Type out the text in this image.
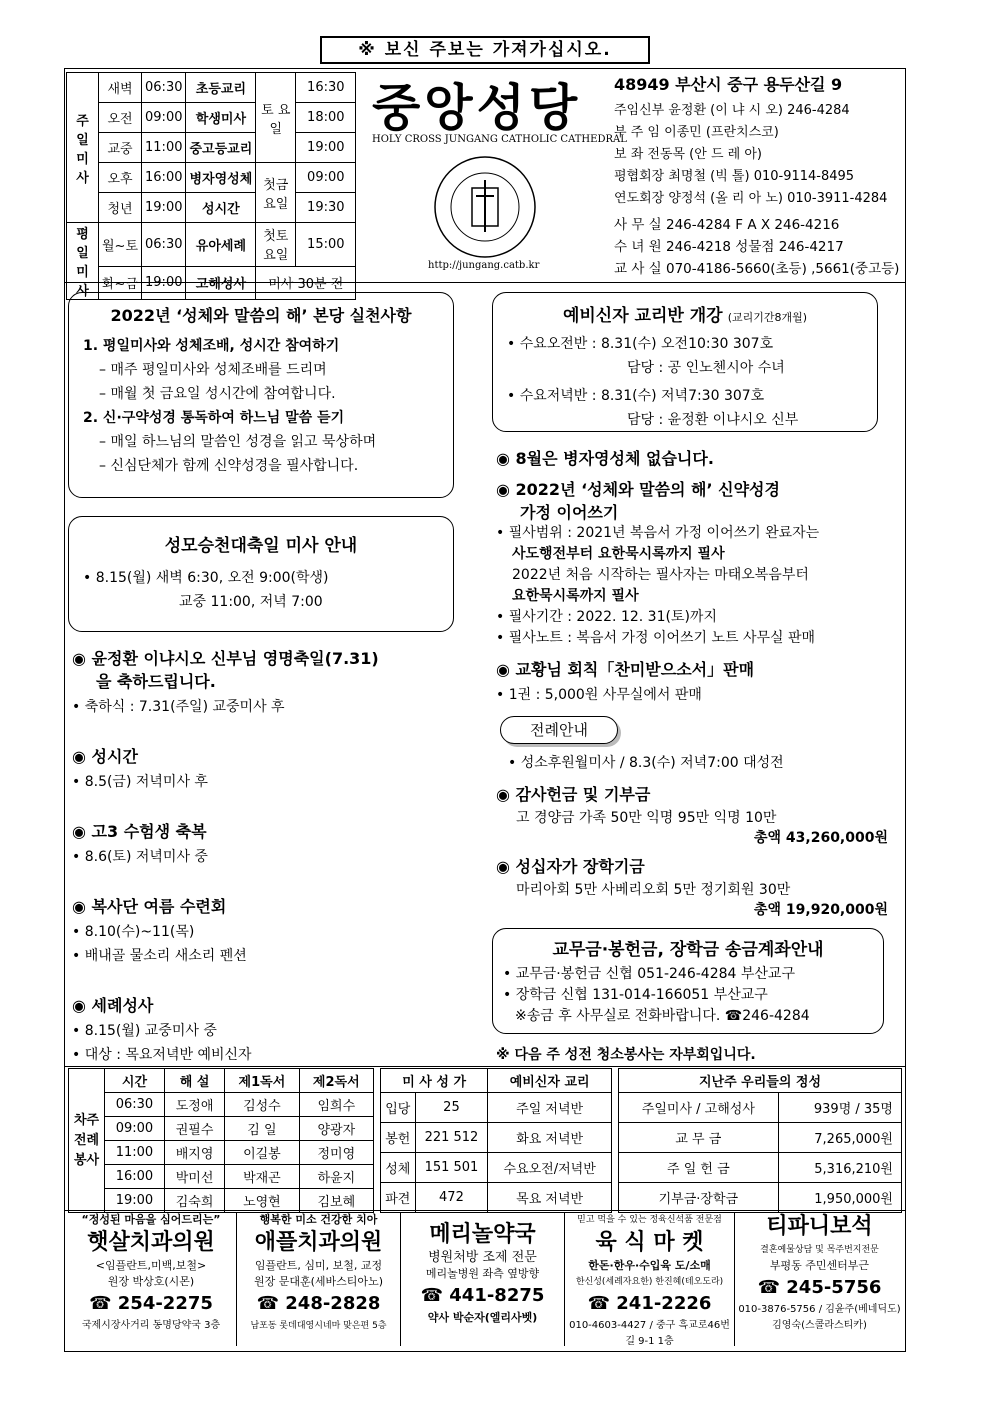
※ 보신 주보는 가져가십시오.
주일 미사	새벽	06:30	초등교리	토 요 일	16:30
	오전	09:00	학생미사		18:00
	교중	11:00	중고등교리		19:00
	오후	16:00	병자영성체	첫금요일	09:00
	청년	19:00	성시간		19:30
평일 미사	월~토	06:30	유아세례	첫토요일	15:00
	화~금	19:00	고해성사	미사 30분 전	
중앙성당
HOLY CROSS JUNGANG CATHOLIC CATHEDRAL
http://jungang.catb.kr
48949 부산시 중구 용두산길 9
주임신부 윤정환 (이 냐 시 오) 246-4284
부 주 임 이종민 (프란치스코)
보 좌 전동목 (안 드 레 아)
평협회장 최명철 (빅 톨) 010-9114-8495
연도회장 양정석 (올 리 아 노) 010-3911-4284
사 무 실 246-4284 F A X 246-4216
수 녀 원 246-4218 성물점 246-4217
교 사 실 070-4186-5660(초등) ,5661(중고등)
2022년 ‘성체와 말씀의 해’ 본당 실천사항
1. 평일미사와 성체조배, 성시간 참여하기
– 매주 평일미사와 성체조배를 드리며
– 매월 첫 금요일 성시간에 참여합니다.
2. 신·구약성경 통독하여 하느님 말씀 듣기
– 매일 하느님의 말씀인 성경을 읽고 묵상하며
– 신심단체가 함께 신약성경을 필사합니다.
성모승천대축일 미사 안내
• 8.15(월) 새벽 6:30, 오전 9:00(학생)
교중 11:00, 저녁 7:00
◉ 윤정환 이냐시오 신부님 영명축일(7.31)
을 축하드립니다.
• 축하식 : 7.31(주일) 교중미사 후
◉ 성시간
• 8.5(금) 저녁미사 후
◉ 고3 수험생 축복
• 8.6(토) 저녁미사 중
◉ 복사단 여름 수련회
• 8.10(수)~11(목)
• 배내골 물소리 새소리 펜션
◉ 세례성사
• 8.15(월) 교중미사 중
• 대상 : 목요저녁반 예비신자
예비신자 교리반 개강 (교리기간8개월)
• 수요오전반 : 8.31(수) 오전10:30 307호
담당 : 공 인노첸시아 수녀
• 수요저녁반 : 8.31(수) 저녁7:30 307호
담당 : 윤정환 이냐시오 신부
◉ 8월은 병자영성체 없습니다.
◉ 2022년 ‘성체와 말씀의 해’ 신약성경
가정 이어쓰기
• 필사범위 : 2021년 복음서 가정 이어쓰기 완료자는
사도행전부터 요한묵시록까지 필사
2022년 처음 시작하는 필사자는 마태오복음부터
요한묵시록까지 필사
• 필사기간 : 2022. 12. 31(토)까지
• 필사노트 : 복음서 가정 이어쓰기 노트 사무실 판매
◉ 교황님 회칙「찬미받으소서」판매
• 1권 : 5,000원 사무실에서 판매
전례안내
• 성소후원월미사 / 8.3(수) 저녁7:00 대성전
◉ 감사헌금 및 기부금
고 경양금 가족 50만 익명 95만 익명 10만
총액 43,260,000원
◉ 성십자가 장학기금
마리아회 5만 사베리오회 5만 정기회원 30만
총액 19,920,000원
교무금·봉헌금, 장학금 송금계좌안내
• 교무금·봉헌금 신협 051-246-4284 부산교구
• 장학금 신협 131-014-166051 부산교구
※송금 후 사무실로 전화바랍니다. ☎246-4284
※ 다음 주 성전 청소봉사는 자부회입니다.
차주전례봉사	시간	해 설	제1독서	제2독서
	06:30	도정애	김성수	임희수
	09:00	권필수	김 일	양광자
	11:00	배지영	이길봉	정미영
	16:00	박미선	박재곤	하윤지
	19:00	김숙희	노영현	김보혜
미 사 성 가		예비신자 교리
입당	25	주일 저녁반
봉헌	221 512	화요 저녁반
성체	151 501	수요오전/저녁반
파견	472	목요 저녁반
지난주 우리들의 정성	
주일미사 / 고해성사	939명 / 35명
교 무 금	7,265,000원
주 일 헌 금	5,316,210원
기부금·장학금	1,950,000원
“정성된 마음을 심어드리는”
햇살치과의원
<임플란트,미백,보철>
원장 박상호(시몬)
☎ 254-2275
국제시장사거리 동명당약국 3층
행복한 미소 건강한 치아
애플치과의원
임플란트, 심미, 보철, 교정
원장 문대훈(세바스티아노)
☎ 248-2828
남포동 롯데대영시네마 맞은편 5층
메리놀약국
병원처방 조제 전문
메리놀병원 좌측 옆방향
☎ 441-8275
약사 박순자(엘리사벳)
믿고 먹을 수 있는 정육신석품 전문점
육 식 마 켓
한돈·한우·수입육 도/소매
한신성(세례자요한) 한진혜(테오도라)
☎ 241-2226
010-4603-4427 / 중구 흑교로46번길 9-1 1층
티파니보석
결혼예물상담 및 목주번지전문
부평동 주민센터부근
☎ 245-5756
010-3876-5756 / 김윤주(베네딕도) 김영숙(스콜라스티카)
